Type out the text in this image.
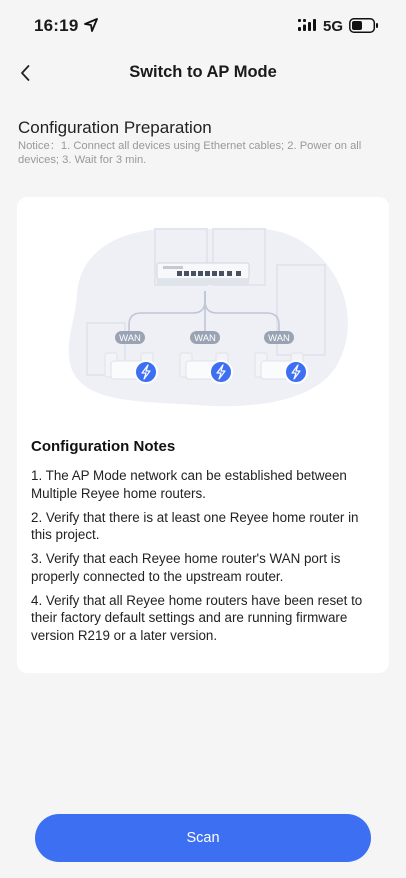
16:19	5G
Switch to AP Mode
Configuration Preparation
Notice：1. Connect all devices using Ethernet cables; 2. Power on all devices; 3. Wait for 3 min.
WAN	WAN	WAN
Configuration Notes

1. The AP Mode network can be established between Multiple Reyee home routers.

2. Verify that there is at least one Reyee home router in this project.

3. Verify that each Reyee home router's WAN port is properly connected to the upstream router.

4. Verify that all Reyee home routers have been reset to their factory default settings and are running firmware version R219 or a later version.

Scan
